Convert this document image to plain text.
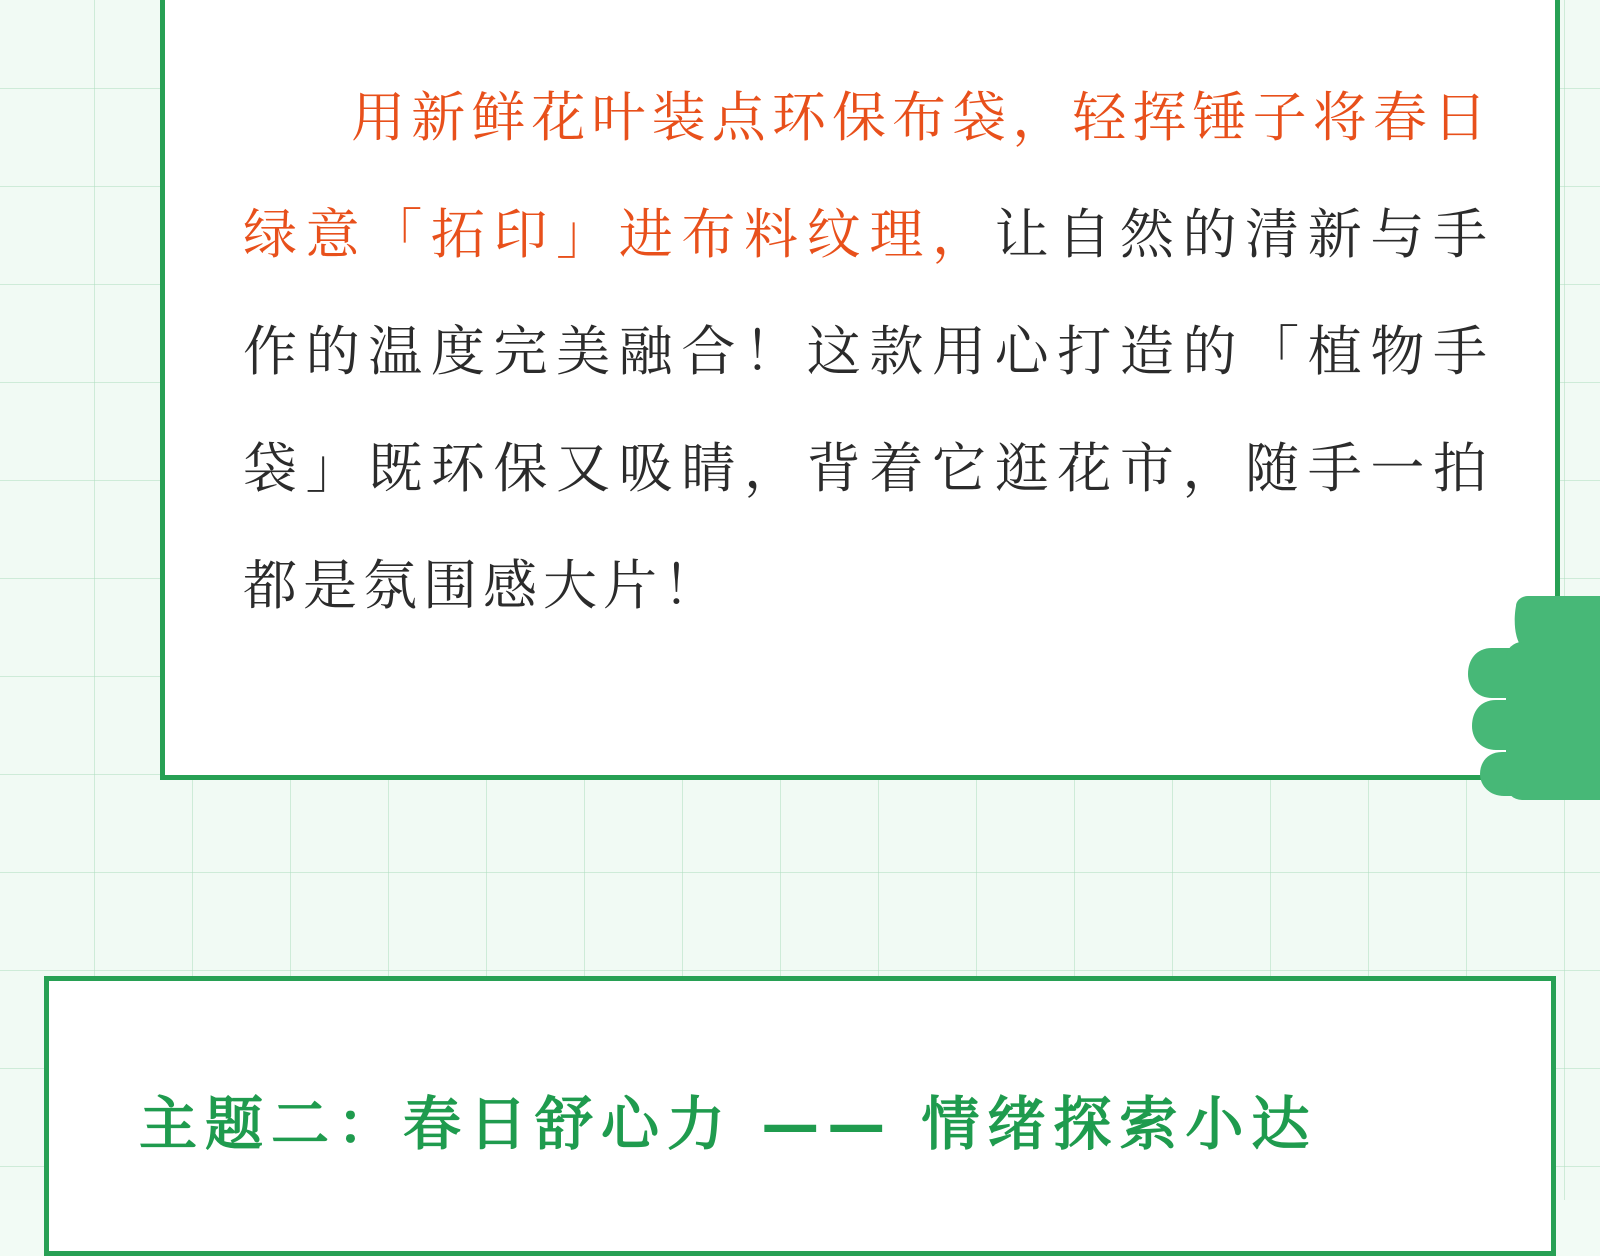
用新鲜花叶装点环保布袋，轻挥锤子将春日绿意「拓印」进布料纹理，让自然的清新与手作的温度完美融合！这款用心打造的「植物手袋」既环保又吸睛，背着它逛花市，随手一拍都是氛围感大片！
主题二：春日舒心力 —— 情绪探索小达
